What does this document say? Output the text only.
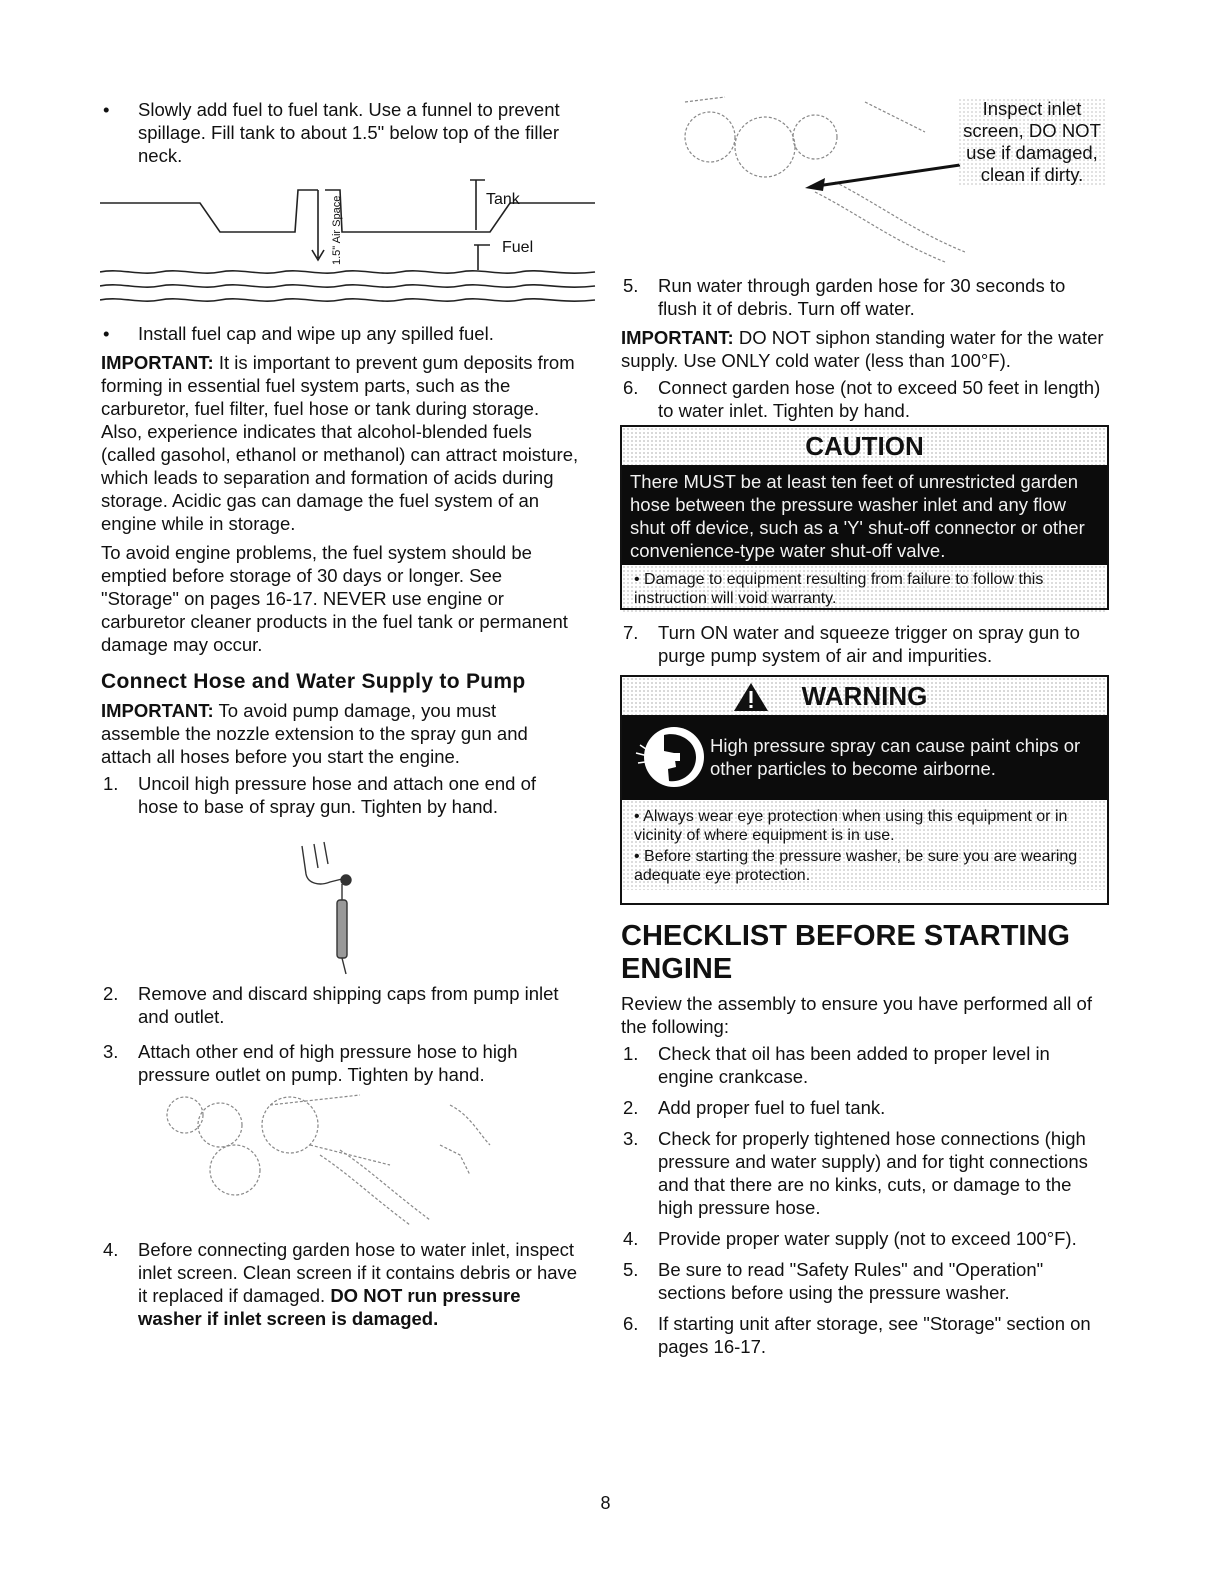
• Slowly add fuel to fuel tank. Use a funnel to prevent spillage. Fill tank to about 1.5" below top of the filler neck.

Tank
Fuel
1.5" Air Space

• Install fuel cap and wipe up any spilled fuel.

IMPORTANT: It is important to prevent gum deposits from forming in essential fuel system parts, such as the carburetor, fuel filter, fuel hose or tank during storage. Also, experience indicates that alcohol-blended fuels (called gasohol, ethanol or methanol) can attract moisture, which leads to separation and formation of acids during storage. Acidic gas can damage the fuel system of an engine while in storage.

To avoid engine problems, the fuel system should be emptied before storage of 30 days or longer. See "Storage" on pages 16-17. NEVER use engine or carburetor cleaner products in the fuel tank or permanent damage may occur.

Connect Hose and Water Supply to Pump

IMPORTANT: To avoid pump damage, you must assemble the nozzle extension to the spray gun and attach all hoses before you start the engine.

1. Uncoil high pressure hose and attach one end of hose to base of spray gun. Tighten by hand.

2. Remove and discard shipping caps from pump inlet and outlet.

3. Attach other end of high pressure hose to high pressure outlet on pump. Tighten by hand.

4. Before connecting garden hose to water inlet, inspect inlet screen. Clean screen if it contains debris or have it replaced if damaged. DO NOT run pressure washer if inlet screen is damaged.

Inspect inlet screen, DO NOT use if damaged, clean if dirty.

5. Run water through garden hose for 30 seconds to flush it of debris. Turn off water.

IMPORTANT: DO NOT siphon standing water for the water supply. Use ONLY cold water (less than 100°F).

6. Connect garden hose (not to exceed 50 feet in length) to water inlet. Tighten by hand.

CAUTION
There MUST be at least ten feet of unrestricted garden hose between the pressure washer inlet and any flow shut off device, such as a 'Y' shut-off connector or other convenience-type water shut-off valve.
• Damage to equipment resulting from failure to follow this instruction will void warranty.

7. Turn ON water and squeeze trigger on spray gun to purge pump system of air and impurities.

WARNING
High pressure spray can cause paint chips or other particles to become airborne.
• Always wear eye protection when using this equipment or in vicinity of where equipment is in use.
• Before starting the pressure washer, be sure you are wearing adequate eye protection.
CHECKLIST BEFORE STARTING ENGINE

Review the assembly to ensure you have performed all of the following:

1. Check that oil has been added to proper level in engine crankcase.

2. Add proper fuel to fuel tank.

3. Check for properly tightened hose connections (high pressure and water supply) and for tight connections and that there are no kinks, cuts, or damage to the high pressure hose.

4. Provide proper water supply (not to exceed 100°F).

5. Be sure to read "Safety Rules" and "Operation" sections before using the pressure washer.

6. If starting unit after storage, see "Storage" section on pages 16-17.

8
